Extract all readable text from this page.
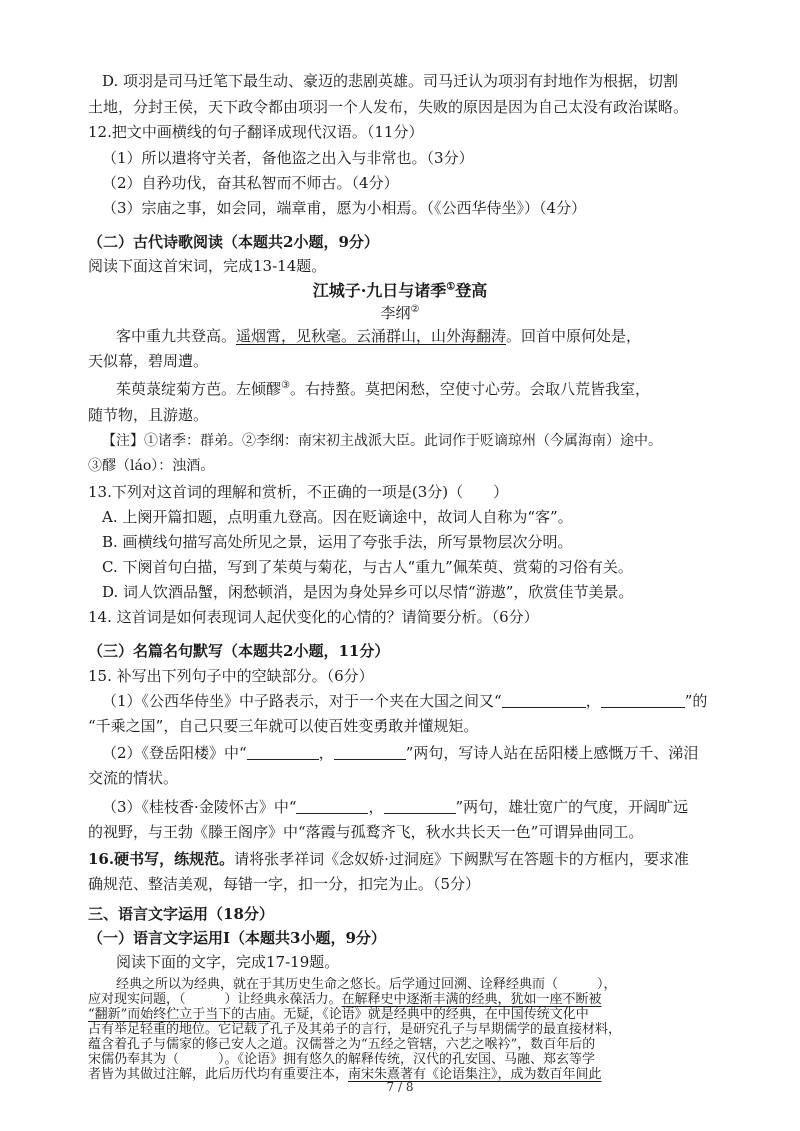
D. 项羽是司马迁笔下最生动、豪迈的悲剧英雄。司马迁认为项羽有封地作为根据，切割
土地，分封王侯，天下政令都由项羽一个人发布，失败的原因是因为自己太没有政治谋略。
12.把文中画横线的句子翻译成现代汉语。（11分）
（1）所以遣将守关者，备他盗之出入与非常也。（3分）
（2）自矜功伐，奋其私智而不师古。（4分）
（3）宗庙之事，如会同，端章甫，愿为小相焉。（《公西华侍坐》）（4分）
（二）古代诗歌阅读（本题共2小题，9分）
阅读下面这首宋词，完成13-14题。
江城子·九日与诸季①登高
李纲②
客中重九共登高。遥烟霄，见秋毫。云涌群山，山外海翻涛。回首中原何处是，
天似幕，碧周遭。
茱萸菉绽菊方芭。左倾醪③。右持螯。莫把闲愁，空使寸心劳。会取八荒皆我室，
随节物，且游遨。
【注】①诸季：群弟。②李纲：南宋初主战派大臣。此词作于贬谪琼州（今属海南）途中。
③醪（láo）：浊酒。
13.下列对这首词的理解和赏析，不正确的一项是(3分)（　　）
A. 上阕开篇扣题，点明重九登高。因在贬谪途中，故词人自称为“客”。
B. 画横线句描写高处所见之景，运用了夸张手法，所写景物层次分明。
C. 下阕首句白描，写到了茱萸与菊花，与古人“重九”佩茱萸、赏菊的习俗有关。
D. 词人饮酒品蟹，闲愁顿消，是因为身处异乡可以尽情“游遨”，欣赏佳节美景。
14. 这首词是如何表现词人起伏变化的心情的？请简要分析。（6分）
（三）名篇名句默写（本题共2小题，11分）
15. 补写出下列句子中的空缺部分。（6分）
（1）《公西华侍坐》中子路表示，对于一个夹在大国之间又“	，	”的
“千乘之国”，自己只要三年就可以使百姓变勇敢并懂规矩。
（2）《登岳阳楼》中“	，	”两句，写诗人站在岳阳楼上感慨万千、涕泪
交流的情状。
（3）《桂枝香·金陵怀古》中“	，	”两句，雄壮宽广的气度，开阔旷远
的视野，与王勃《滕王阁序》中“落霞与孤鹜齐飞，秋水共长天一色”可谓异曲同工。
16.硬书写，练规范。请将张孝祥词《念奴娇·过洞庭》下阙默写在答题卡的方框内，要求准
确规范、整洁美观，每错一字，扣一分，扣完为止。（5分）
三、语言文字运用（18分）
（一）语言文字运用Ⅰ（本题共3小题，9分）
阅读下面的文字，完成17-19题。
经典之所以为经典，就在于其历史生命之悠长。后学通过回溯、诠释经典而（　　　），
应对现实问题，（　　　）让经典永葆活力。在解释史中逐渐丰满的经典，犹如一座不断被
“翻新”而始终伫立于当下的古庙。无疑，《论语》就是经典中的经典，在中国传统文化中
占有举足轻重的地位。它记载了孔子及其弟子的言行，是研究孔子与早期儒学的最直接材料，
蕴含着孔子与儒家的修己安人之道。汉儒誉之为“五经之管辖，六艺之喉衿”，数百年后的
宋儒仍奉其为（　　　）。《论语》拥有悠久的解释传统，汉代的孔安国、马融、郑玄等学
者皆为其做过注解，此后历代均有重要注本，南宋朱熹著有《论语集注》，成为数百年间此
7 / 8
